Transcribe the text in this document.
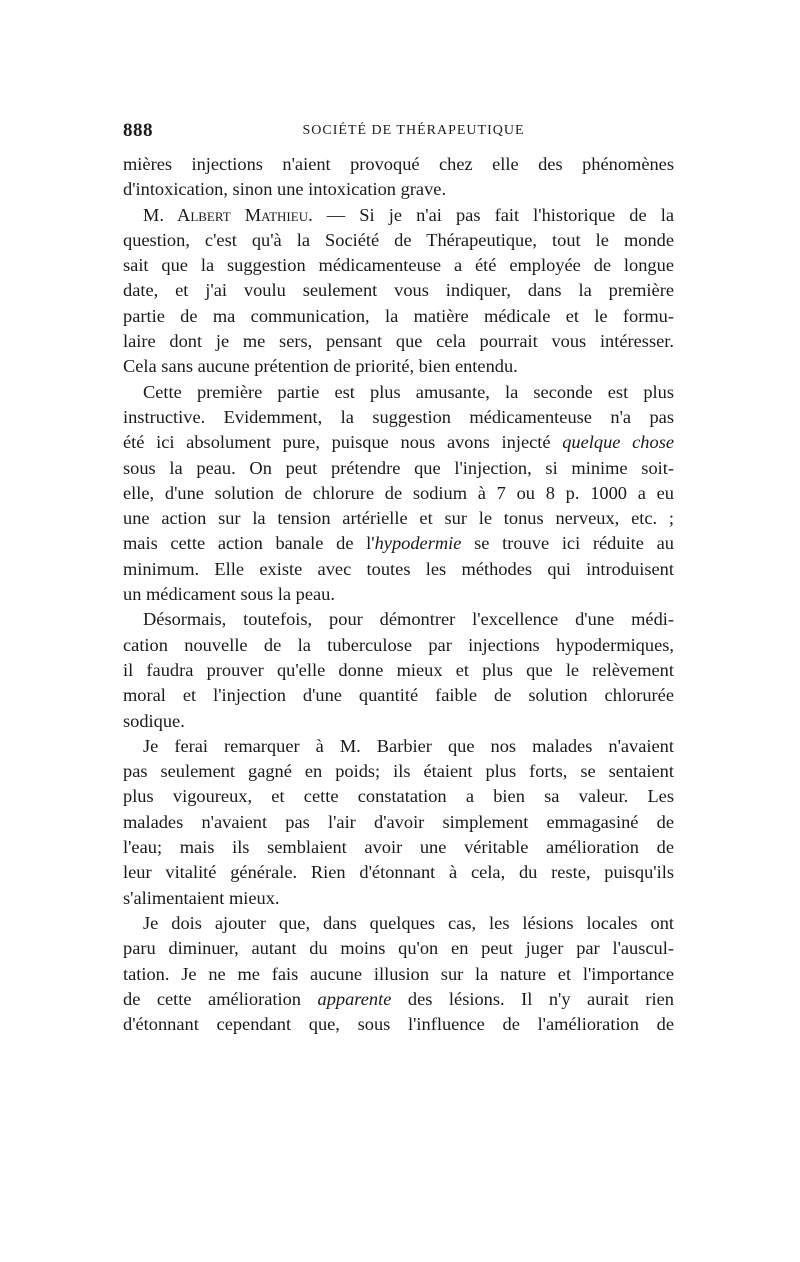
888	SOCIÉTÉ DE THÉRAPEUTIQUE
mières injections n'aient provoqué chez elle des phénomènes
d'intoxication, sinon une intoxication grave.
M. Albert Mathieu. — Si je n'ai pas fait l'historique de la
question, c'est qu'à la Société de Thérapeutique, tout le monde
sait que la suggestion médicamenteuse a été employée de longue
date, et j'ai voulu seulement vous indiquer, dans la première
partie de ma communication, la matière médicale et le formu-
laire dont je me sers, pensant que cela pourrait vous intéresser.
Cela sans aucune prétention de priorité, bien entendu.
Cette première partie est plus amusante, la seconde est plus
instructive. Evidemment, la suggestion médicamenteuse n'a pas
été ici absolument pure, puisque nous avons injecté quelque chose
sous la peau. On peut prétendre que l'injection, si minime soit-
elle, d'une solution de chlorure de sodium à 7 ou 8 p. 1000 a eu
une action sur la tension artérielle et sur le tonus nerveux, etc. ;
mais cette action banale de l'hypodermie se trouve ici réduite au
minimum. Elle existe avec toutes les méthodes qui introduisent
un médicament sous la peau.
Désormais, toutefois, pour démontrer l'excellence d'une médi-
cation nouvelle de la tuberculose par injections hypodermiques,
il faudra prouver qu'elle donne mieux et plus que le relèvement
moral et l'injection d'une quantité faible de solution chlorurée
sodique.
Je ferai remarquer à M. Barbier que nos malades n'avaient
pas seulement gagné en poids; ils étaient plus forts, se sentaient
plus vigoureux, et cette constatation a bien sa valeur. Les
malades n'avaient pas l'air d'avoir simplement emmagasiné de
l'eau; mais ils semblaient avoir une véritable amélioration de
leur vitalité générale. Rien d'étonnant à cela, du reste, puisqu'ils
s'alimentaient mieux.
Je dois ajouter que, dans quelques cas, les lésions locales ont
paru diminuer, autant du moins qu'on en peut juger par l'auscul-
tation. Je ne me fais aucune illusion sur la nature et l'importance
de cette amélioration apparente des lésions. Il n'y aurait rien
d'étonnant cependant que, sous l'influence de l'amélioration de
